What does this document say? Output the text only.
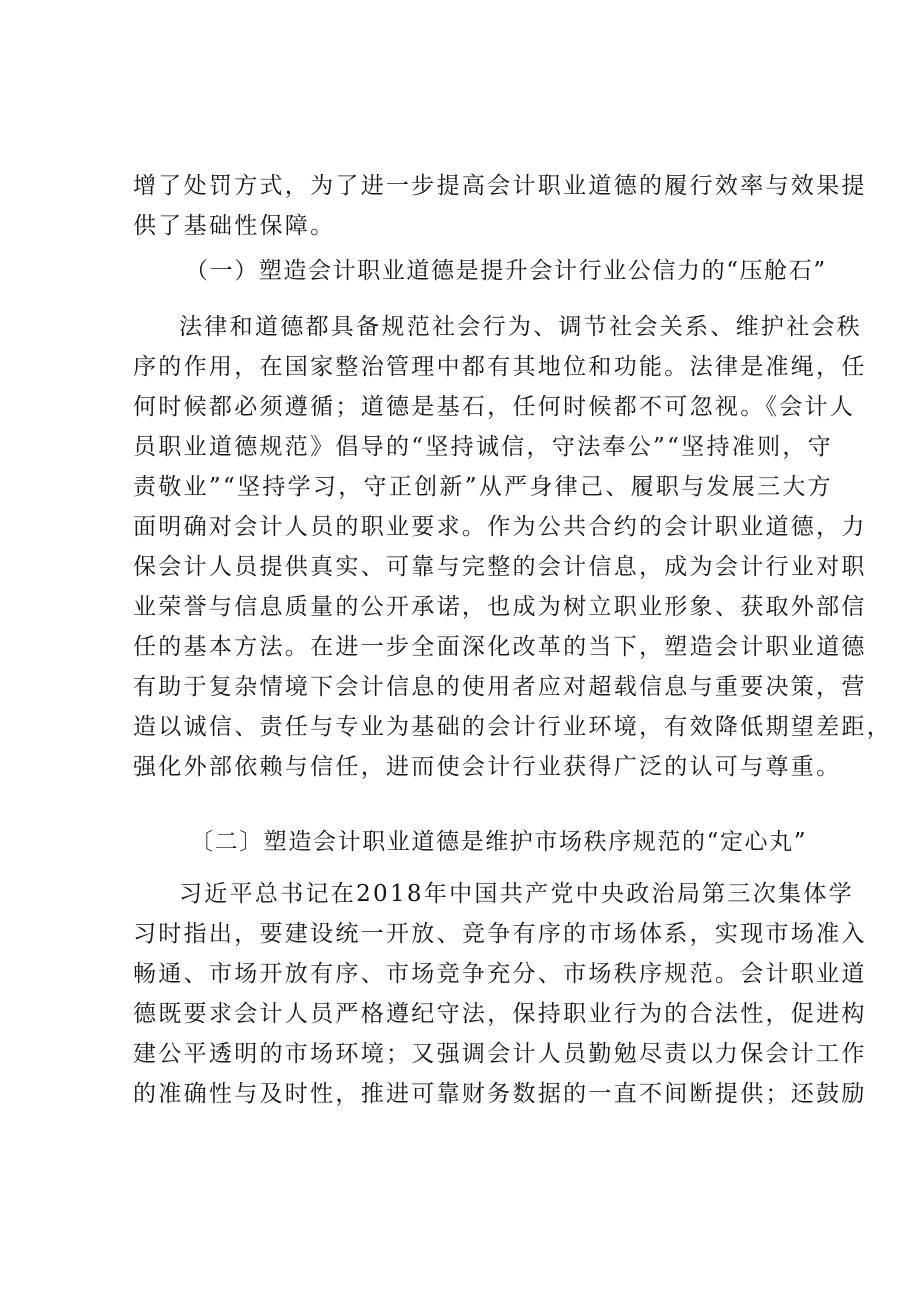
增了处罚方式，为了进一步提高会计职业道德的履行效率与效果提
供了基础性保障。
（一）塑造会计职业道德是提升会计行业公信力的“压舱石”
法律和道德都具备规范社会行为、调节社会关系、维护社会秩
序的作用，在国家整治管理中都有其地位和功能。法律是准绳，任
何时候都必须遵循；道德是基石，任何时候都不可忽视。《会计人
员职业道德规范》倡导的“坚持诚信，守法奉公”“坚持准则，守
责敬业”“坚持学习，守正创新”从严身律己、履职与发展三大方
面明确对会计人员的职业要求。作为公共合约的会计职业道德，力
保会计人员提供真实、可靠与完整的会计信息，成为会计行业对职
业荣誉与信息质量的公开承诺，也成为树立职业形象、获取外部信
任的基本方法。在进一步全面深化改革的当下，塑造会计职业道德
有助于复杂情境下会计信息的使用者应对超载信息与重要决策，营
造以诚信、责任与专业为基础的会计行业环境，有效降低期望差距，
强化外部依赖与信任，进而使会计行业获得广泛的认可与尊重。
〔二〕塑造会计职业道德是维护市场秩序规范的“定心丸”
习近平总书记在2018年中国共产党中央政治局第三次集体学
习时指出，要建设统一开放、竞争有序的市场体系，实现市场准入
畅通、市场开放有序、市场竞争充分、市场秩序规范。会计职业道
德既要求会计人员严格遵纪守法，保持职业行为的合法性，促进构
建公平透明的市场环境；又强调会计人员勤勉尽责以力保会计工作
的准确性与及时性，推进可靠财务数据的一直不间断提供；还鼓励
